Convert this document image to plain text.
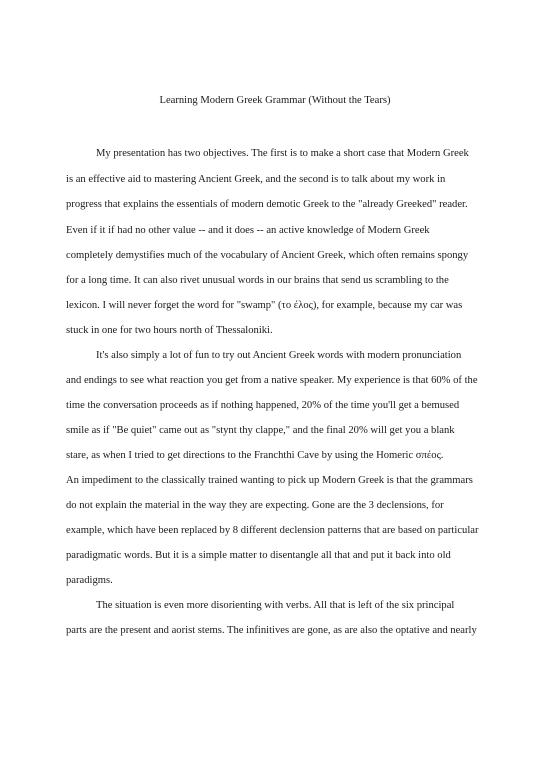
Learning Modern Greek Grammar (Without the Tears)
My presentation has two objectives. The first is to make a short case that Modern Greek
is an effective aid to mastering Ancient Greek, and the second is to talk about my work in
progress that explains the essentials of modern demotic Greek to the "already Greeked" reader.
Even if it if had no other value -- and it does -- an active knowledge of Modern Greek
completely demystifies much of the vocabulary of Ancient Greek, which often remains spongy
for a long time. It can also rivet unusual words in our brains that send us scrambling to the
lexicon. I will never forget the word for "swamp" (το έλος), for example, because my car was
stuck in one for two hours north of Thessaloniki.
It's also simply a lot of fun to try out Ancient Greek words with modern pronunciation
and endings to see what reaction you get from a native speaker. My experience is that 60% of the
time the conversation proceeds as if nothing happened, 20% of the time you'll get a bemused
smile as if "Be quiet" came out as "stynt thy clappe," and the final 20% will get you a blank
stare, as when I tried to get directions to the Franchthi Cave by using the Homeric σπέος.
An impediment to the classically trained wanting to pick up Modern Greek is that the grammars
do not explain the material in the way they are expecting. Gone are the 3 declensions, for
example, which have been replaced by 8 different declension patterns that are based on particular
paradigmatic words. But it is a simple matter to disentangle all that and put it back into old
paradigms.
The situation is even more disorienting with verbs. All that is left of the six principal
parts are the present and aorist stems. The infinitives are gone, as are also the optative and nearly
